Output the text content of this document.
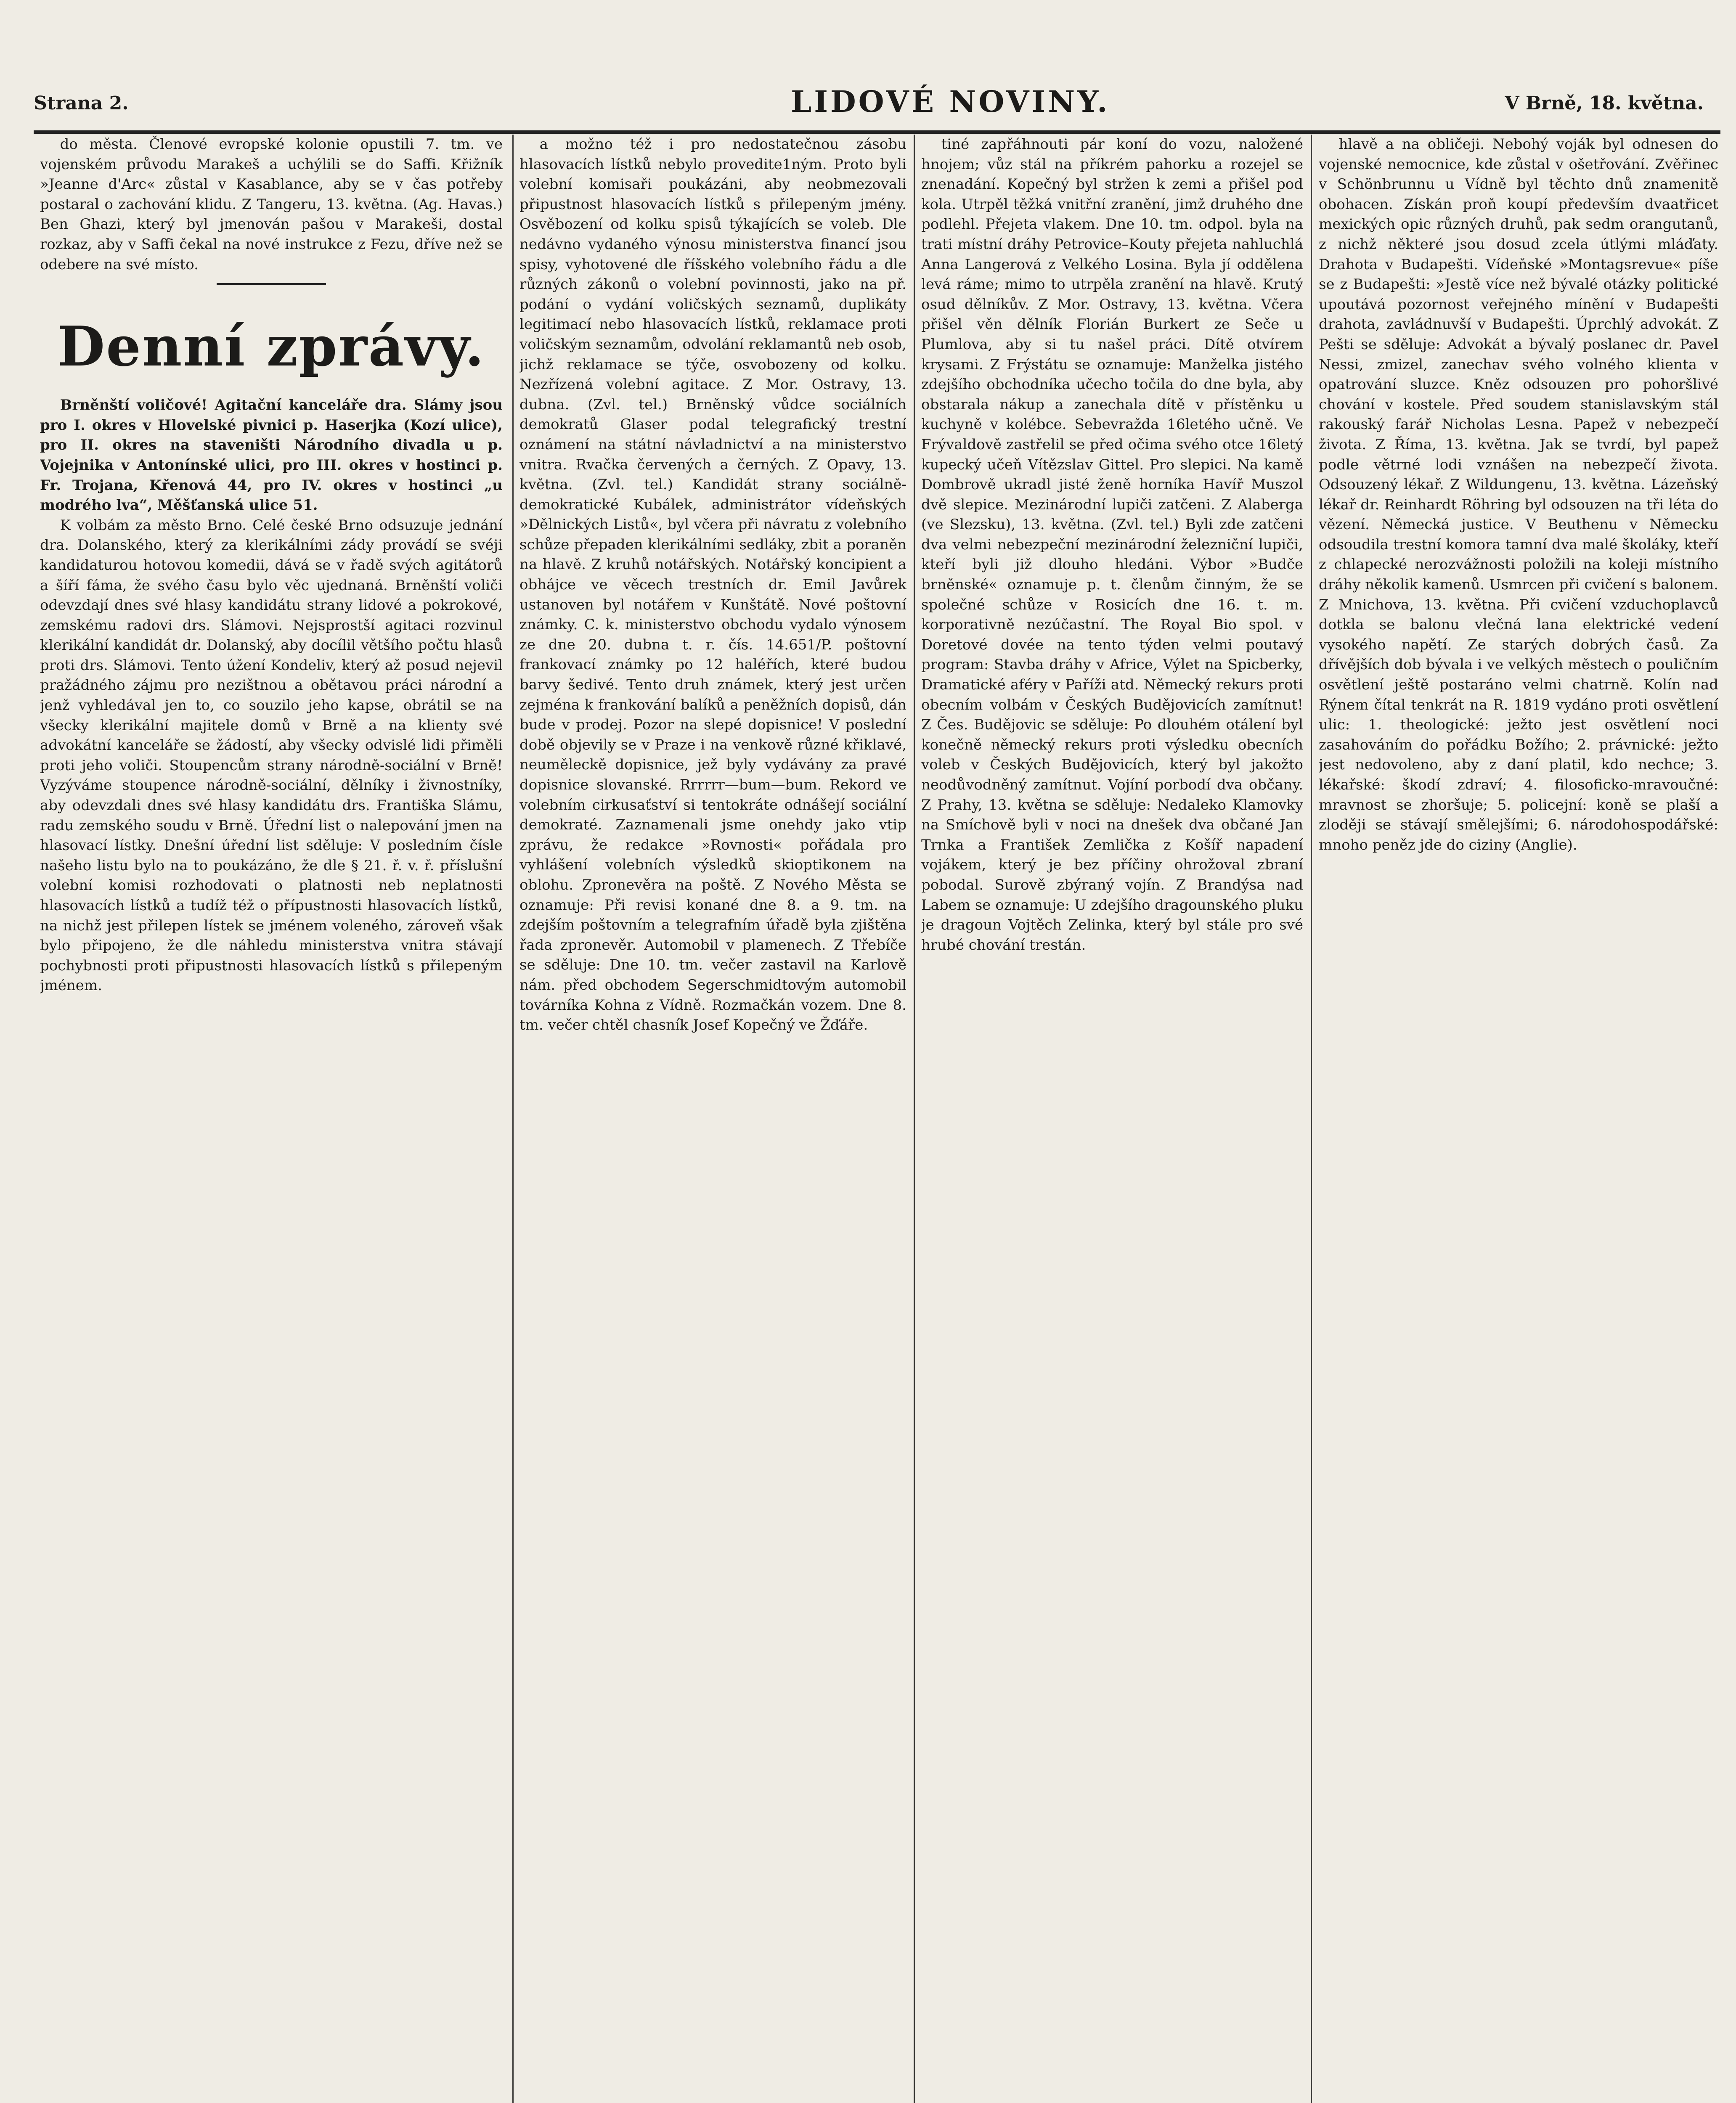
Strana 2.	LIDOVÉ NOVINY.	V Brně, 18. května.

do města. Členové evropské kolonie opustili 7. tm. ve vojenském průvodu Marakeš a uchýlili se do Saffi. Křižník »Jeanne d'Arc« zůstal v Kasablance, aby se v čas potřeby postaral o zachování klidu. Z Tangeru, 13. května. (Ag. Havas.) Ben Ghazi, který byl jmenován pašou v Marakeši, dostal rozkaz, aby v Saffi čekal na nové instrukce z Fezu, dříve než se odebere na své místo.

Denní zprávy.

Brněnští voličové! Agitační kanceláře dra. Slámy jsou pro I. okres v Hlovelské pivnici p. Haserjka (Kozí ulice), pro II. okres na staveništi Národního divadla u p. Vojejnika v Antonínské ulici, pro III. okres v hostinci p. Fr. Trojana, Křenová 44, pro IV. okres v hostinci „u modrého lva“, Měšťanská ulice 51.

K volbám za město Brno. Celé české Brno odsuzuje jednání dra. Dolanského, který za klerikálními zády provádí se svéji kandidaturou hotovou komedii, dává se v řadě svých agitátorů a šíří fáma, že svého času bylo věc ujednaná. Brněnští voliči odevzdají dnes své hlasy kandidátu strany lidové a pokrokové, zemskému radovi drs. Slámovi. Nejsprostší agitaci rozvinul klerikální kandidát dr. Dolanský, aby docílil většího počtu hlasů proti drs. Slámovi. Tento úžení Kondeliv, který až posud nejevil pražádného zájmu pro nezištnou a obětavou práci národní a jenž vyhledával jen to, co souzilo jeho kapse, obrátil se na všecky klerikální majitele domů v Brně a na klienty své advokátní kanceláře se žádostí, aby všecky odvislé lidi přiměli proti jeho voliči. Stoupencům strany národně-sociální v Brně! Vyzýváme stoupence národně-sociální, dělníky i živnostníky, aby odevzdali dnes své hlasy kandidátu drs. Františka Slámu, radu zemského soudu v Brně. Úřední list o nalepování jmen na hlasovací lístky. Dnešní úřední list sděluje: V posledním čísle našeho listu bylo na to poukázáno, že dle § 21. ř. v. ř. příslušní volební komisi rozhodovati o platnosti neb neplatnosti hlasovacích lístků a tudíž též o přípustnosti hlasovacích lístků, na nichž jest přilepen lístek se jménem voleného, zároveň však bylo připojeno, že dle náhledu ministerstva vnitra stávají pochybnosti proti připustnosti hlasovacích lístků s přilepeným jménem.

a možno též i pro nedostatečnou zásobu hlasovacích lístků nebylo provedite1ným. Proto byli volební komisaři poukázáni, aby neobmezovali připustnost hlasovacích lístků s přilepeným jmény. Osvěbození od kolku spisů týkajících se voleb. Dle nedávno vydaného výnosu ministerstva financí jsou spisy, vyhotovené dle říšského volebního řádu a dle různých zákonů o volební povinnosti, jako na př. podání o vydání voličských seznamů, duplikáty legitimací nebo hlasovacích lístků, reklamace proti voličským seznamům, odvolání reklamantů neb osob, jichž reklamace se týče, osvobozeny od kolku. Nezřízená volební agitace. Z Mor. Ostravy, 13. dubna. (Zvl. tel.) Brněnský vůdce sociálních demokratů Glaser podal telegrafický trestní oznámení na státní návladnictví a na ministerstvo vnitra. Rvačka červených a černých. Z Opavy, 13. května. (Zvl. tel.) Kandidát strany sociálně-demokratické Kubálek, administrátor vídeňských »Dělnických Listů«, byl včera při návratu z volebního schůze přepaden klerikálními sedláky, zbit a poraněn na hlavě. Z kruhů notářských. Notářský koncipient a obhájce ve věcech trestních dr. Emil Javůrek ustanoven byl notářem v Kunštátě. Nové poštovní známky. C. k. ministerstvo obchodu vydalo výnosem ze dne 20. dubna t. r. čís. 14.651/P. poštovní frankovací známky po 12 haléřích, které budou barvy šedivé. Tento druh známek, který jest určen zejména k frankování balíků a peněžních dopisů, dán bude v prodej. Pozor na slepé dopisnice! V poslední době objevily se v Praze i na venkově různé křiklavé, neuměleckě dopisnice, jež byly vydávány za pravé dopisnice slovanské. Rrrrrr—bum—bum. Rekord ve volebním cirkusaťství si tentokráte odnášejí sociální demokraté. Zaznamenali jsme onehdy jako vtip zprávu, že redakce »Rovnosti« pořádala pro vyhlášení volebních výsledků skioptikonem na oblohu. Zpronevěra na poště. Z Nového Města se oznamuje: Při revisi konané dne 8. a 9. tm. na zdejším poštovním a telegrafním úřadě byla zjištěna řada zpronevěr. Automobil v plamenech. Z Třebíče se sděluje: Dne 10. tm. večer zastavil na Karlově nám. před obchodem Segerschmidtovým automobil továrníka Kohna z Vídně. Rozmačkán vozem. Dne 8. tm. večer chtěl chasník Josef Kopečný ve Žďáře.

tiné zapřáhnouti pár koní do vozu, naložené hnojem; vůz stál na příkrém pahorku a rozejel se znenadání. Kopečný byl stržen k zemi a přišel pod kola. Utrpěl těžká vnitřní zranění, jimž druhého dne podlehl. Přejeta vlakem. Dne 10. tm. odpol. byla na trati místní dráhy Petrovice–Kouty přejeta nahluchlá Anna Langerová z Velkého Losina. Byla jí oddělena levá ráme; mimo to utrpěla zranění na hlavě. Krutý osud dělníkův. Z Mor. Ostravy, 13. května. Včera přišel věn dělník Florián Burkert ze Seče u Plumlova, aby si tu našel práci. Dítě otvírem krysami. Z Frýstátu se oznamuje: Manželka jistého zdejšího obchodníka učecho točila do dne byla, aby obstarala nákup a zanechala dítě v přístěnku u kuchyně v kolébce. Sebevražda 16letého učně. Ve Frývaldově zastřelil se před očima svého otce 16letý kupecký učeň Vítězslav Gittel. Pro slepici. Na kamě Dombrově ukradl jisté ženě horníka Havíř Muszol dvě slepice. Mezinárodní lupiči zatčeni. Z Alaberga (ve Slezsku), 13. května. (Zvl. tel.) Byli zde zatčeni dva velmi nebezpeční mezinárodní železniční lupiči, kteří byli již dlouho hledáni. Výbor »Budče brněnské« oznamuje p. t. členům činným, že se společné schůze v Rosicích dne 16. t. m. korporativně nezúčastní. The Royal Bio spol. v Doretové dovée na tento týden velmi poutavý program: Stavba dráhy v Africe, Výlet na Spicberky, Dramatické aféry v Paříži atd. Německý rekurs proti obecním volbám v Českých Budějovicích zamítnut! Z Čes. Budějovic se sděluje: Po dlouhém otálení byl konečně německý rekurs proti výsledku obecních voleb v Českých Budějovicích, který byl jakožto neodůvodněný zamítnut. Vojíní porbodí dva občany. Z Prahy, 13. května se sděluje: Nedaleko Klamovky na Smíchově byli v noci na dnešek dva občané Jan Trnka a František Zemlička z Košíř napadení vojákem, který je bez příčiny ohrožoval zbraní pobodal. Surově zbýraný vojín. Z Brandýsa nad Labem se oznamuje: U zdejšího dragounského pluku je dragoun Vojtěch Zelinka, který byl stále pro své hrubé chování trestán.

hlavě a na obličeji. Nebohý voják byl odnesen do vojenské nemocnice, kde zůstal v ošetřování. Zvěřinec v Schönbrunnu u Vídně byl těchto dnů znamenitě obohacen. Získán proň koupí především dvaatřicet mexických opic různých druhů, pak sedm orangutanů, z nichž některé jsou dosud zcela útlými mláďaty. Drahota v Budapešti. Vídeňské »Montagsrevue« píše se z Budapešti: »Jestě více než bývalé otázky politické upoutává pozornost veřejného mínění v Budapešti drahota, zavládnuvší v Budapešti. Úprchlý advokát. Z Pešti se sděluje: Advokát a bývalý poslanec dr. Pavel Nessi, zmizel, zanechav svého volného klienta v opatrování sluzce. Kněz odsouzen pro pohoršlivé chování v kostele. Před soudem stanislavským stál rakouský farář Nicholas Lesna. Papež v nebezpečí života. Z Říma, 13. května. Jak se tvrdí, byl papež podle větrné lodi vznášen na nebezpečí života. Odsouzený lékař. Z Wildungenu, 13. května. Lázeňský lékař dr. Reinhardt Röhring byl odsouzen na tři léta do vězení. Německá justice. V Beuthenu v Německu odsoudila trestní komora tamní dva malé školáky, kteří z chlapecké nerozvážnosti položili na koleji místního dráhy několik kamenů. Usmrcen při cvičení s balonem. Z Mnichova, 13. května. Při cvičení vzduchoplavců dotkla se balonu vlečná lana elektrické vedení vysokého napětí. Ze starých dobrých časů. Za dřívějších dob bývala i ve velkých městech o pouličním osvětlení ještě postaráno velmi chatrně. Kolín nad Rýnem čítal tenkrát na R. 1819 vydáno proti osvětlení ulic: 1. theologické: ježto jest osvětlení noci zasahováním do pořádku Božího; 2. právnické: ježto jest nedovoleno, aby z daní platil, kdo nechce; 3. lékařské: škodí zdraví; 4. filosoficko-mravoučné: mravnost se zhoršuje; 5. policejní: koně se plaší a zloději se stávají smělejšími; 6. národohospodářské: mnoho peněz jde do ciziny (Anglie).
